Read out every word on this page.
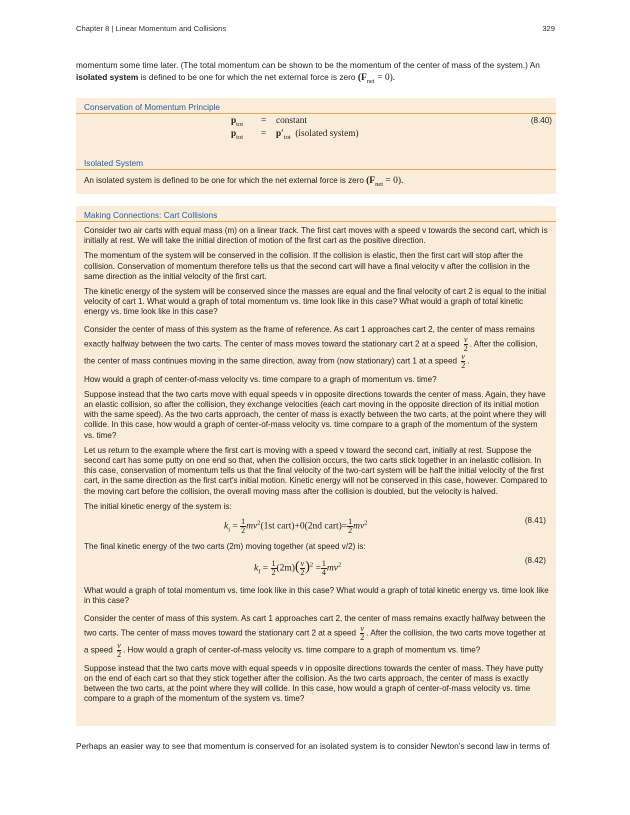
Chapter 8 | Linear Momentum and Collisions	329
momentum some time later. (The total momentum can be shown to be the momentum of the center of mass of the system.) An isolated system is defined to be one for which the net external force is zero $(F_{net} = 0)$.
Conservation of Momentum Principle
$p_{tot}$ = constant	(8.40)
$p_{tot} = p'_{tot}$ (isolated system)
Isolated System
An isolated system is defined to be one for which the net external force is zero $(F_{net} = 0)$.
Making Connections: Cart Collisions

Consider two air carts with equal mass (m) on a linear track. The first cart moves with a speed v towards the second cart, which is initially at rest. We will take the initial direction of motion of the first cart as the positive direction.

The momentum of the system will be conserved in the collision. If the collision is elastic, then the first cart will stop after the collision. Conservation of momentum therefore tells us that the second cart will have a final velocity v after the collision in the same direction as the initial velocity of the first cart.

The kinetic energy of the system will be conserved since the masses are equal and the final velocity of cart 2 is equal to the initial velocity of cart 1. What would a graph of total momentum vs. time look like in this case? What would a graph of total kinetic energy vs. time look like in this case?

Consider the center of mass of this system as the frame of reference. As cart 1 approaches cart 2, the center of mass remains exactly halfway between the two carts. The center of mass moves toward the stationary cart 2 at a speed $\frac{v}{2}$ . After the collision, the center of mass continues moving in the same direction, away from (now stationary) cart 1 at a speed $\frac{v}{2}$ .

How would a graph of center-of-mass velocity vs. time compare to a graph of momentum vs. time?

Suppose instead that the two carts move with equal speeds v in opposite directions towards the center of mass. Again, they have an elastic collision, so after the collision, they exchange velocities (each cart moving in the opposite direction of its initial motion with the same speed). As the two carts approach, the center of mass is exactly between the two carts, at the point where they will collide. In this case, how would a graph of center-of-mass velocity vs. time compare to a graph of the momentum of the system vs. time?

Let us return to the example where the first cart is moving with a speed v toward the second cart, initially at rest. Suppose the second cart has some putty on one end so that, when the collision occurs, the two carts stick together in an inelastic collision. In this case, conservation of momentum tells us that the final velocity of the two-cart system will be half the initial velocity of the first cart, in the same direction as the first cart's initial motion. Kinetic energy will not be conserved in this case, however. Compared to the moving cart before the collision, the overall moving mass after the collision is doubled, but the velocity is halved.

The initial kinetic energy of the system is:

$k_i = \frac{1}{2} mv^2(1st$ cart)+0(2nd cart)= $\frac{1}{2} mv^2$	(8.41)

The final kinetic energy of the two carts (2m) moving together (at speed v/2) is:

$k_f = \frac{1}{2} (2m)( \frac{v}{2} )^2 = \frac{1}{4} mv^2$
(8.42)

What would a graph of total momentum vs. time look like in this case? What would a graph of total kinetic energy vs. time look like in this case?

Consider the center of mass of this system. As cart 1 approaches cart 2, the center of mass remains exactly halfway between the two carts. The center of mass moves toward the stationary cart 2 at a speed $\frac{v}{2}$ . After the collision, the two carts move together at a speed $\frac{v}{2}$ . How would a graph of center-of-mass velocity vs. time compare to a graph of momentum vs. time?

Suppose instead that the two carts move with equal speeds v in opposite directions towards the center of mass. They have putty on the end of each cart so that they stick together after the collision. As the two carts approach, the center of mass is exactly between the two carts, at the point where they will collide. In this case, how would a graph of center-of-mass velocity vs. time compare to a graph of the momentum of the system vs. time?

Perhaps an easier way to see that momentum is conserved for an isolated system is to consider Newton’s second law in terms of
